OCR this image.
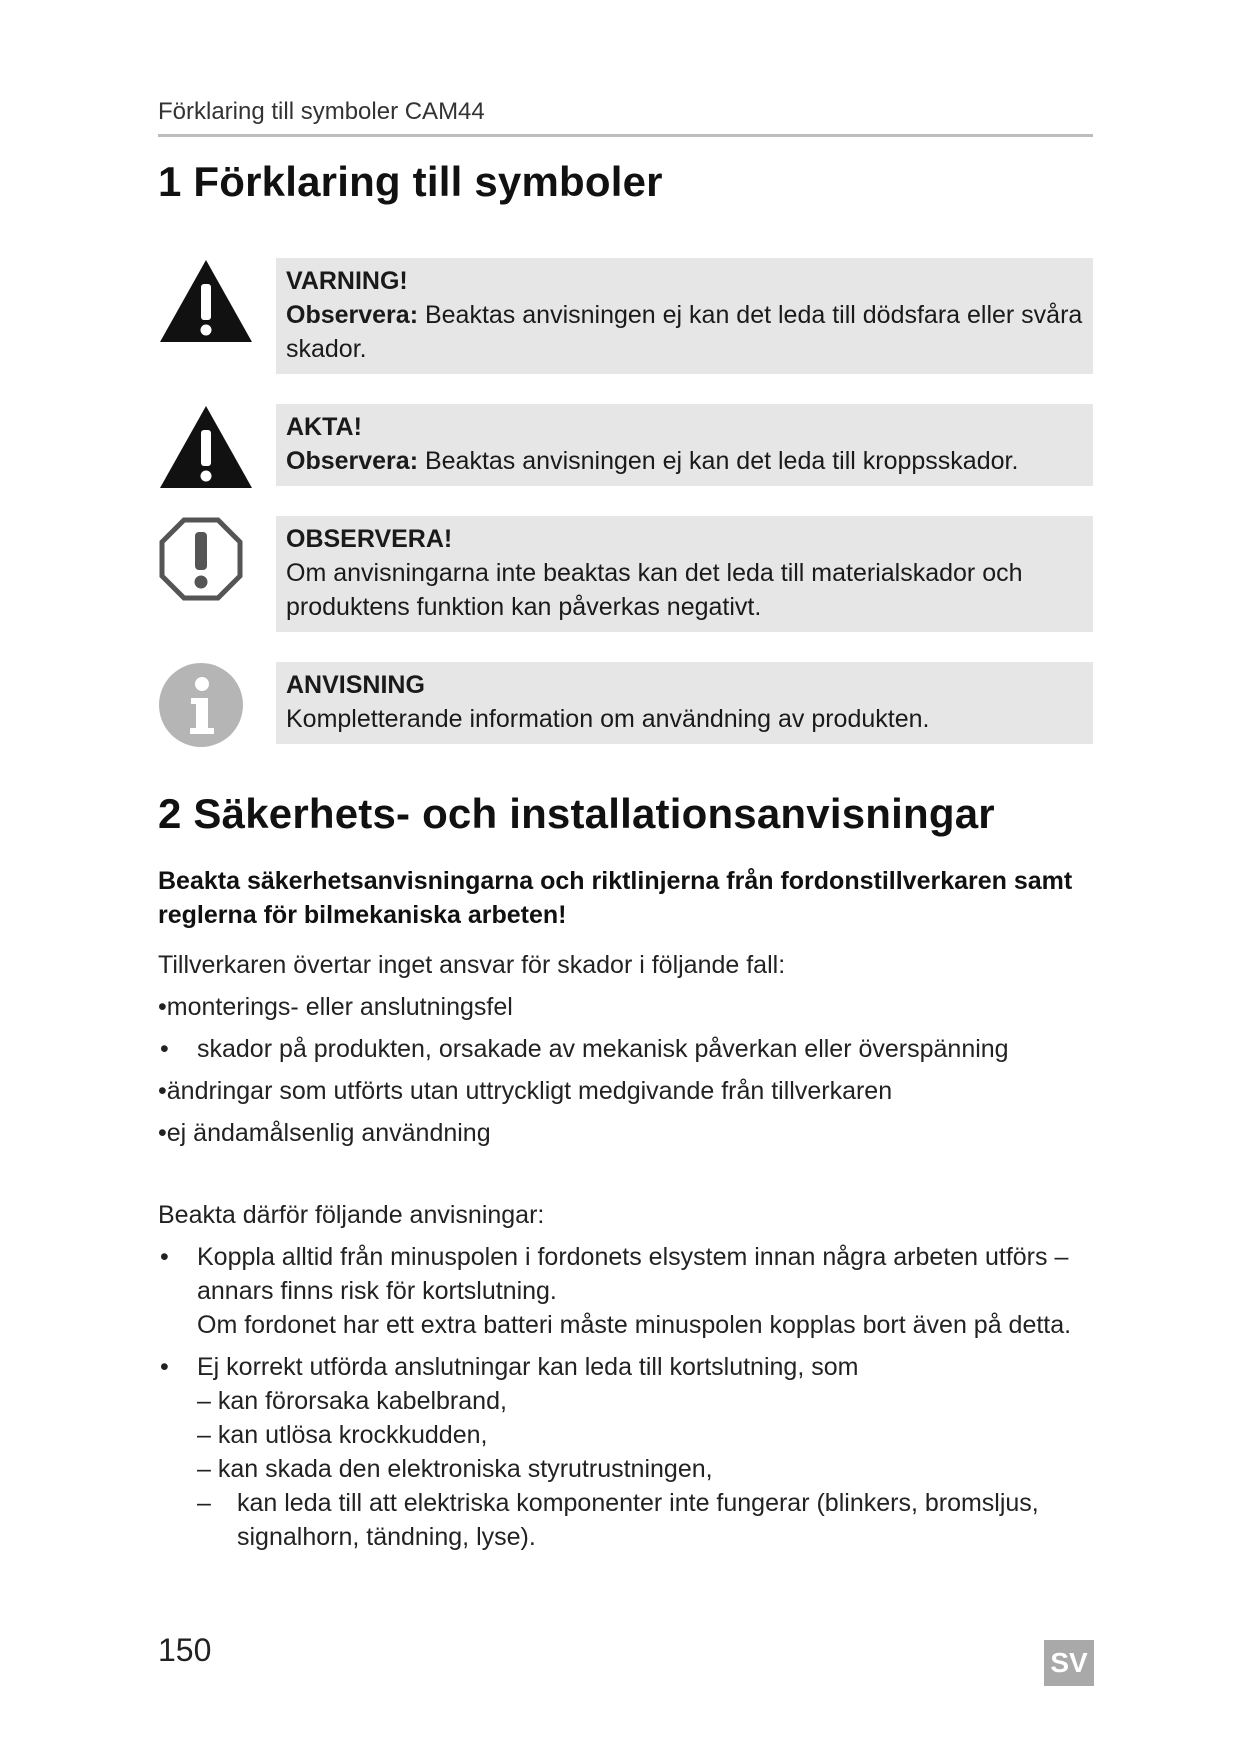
Förklaring till symboler CAM44
1 Förklaring till symboler
VARNING!
Observera: Beaktas anvisningen ej kan det leda till dödsfara eller svåra skador.
AKTA!
Observera: Beaktas anvisningen ej kan det leda till kroppsskador.
OBSERVERA!
Om anvisningarna inte beaktas kan det leda till materialskador och produktens funktion kan påverkas negativt.
ANVISNING
Kompletterande information om användning av produkten.
2 Säkerhets- och installationsanvisningar
Beakta säkerhetsanvisningarna och riktlinjerna från fordonstillverkaren samt reglerna för bilmekaniska arbeten!
Tillverkaren övertar inget ansvar för skador i följande fall:
• monterings- eller anslutningsfel
• skador på produkten, orsakade av mekanisk påverkan eller överspänning
• ändringar som utförts utan uttryckligt medgivande från tillverkaren
• ej ändamålsenlig användning
Beakta därför följande anvisningar:
• Koppla alltid från minuspolen i fordonets elsystem innan några arbeten utförs – annars finns risk för kortslutning.
Om fordonet har ett extra batteri måste minuspolen kopplas bort även på detta.
• Ej korrekt utförda anslutningar kan leda till kortslutning, som
– kan förorsaka kabelbrand,
– kan utlösa krockkudden,
– kan skada den elektroniska styrutrustningen,
– kan leda till att elektriska komponenter inte fungerar (blinkers, bromsljus, signalhorn, tändning, lyse).
150	SV
